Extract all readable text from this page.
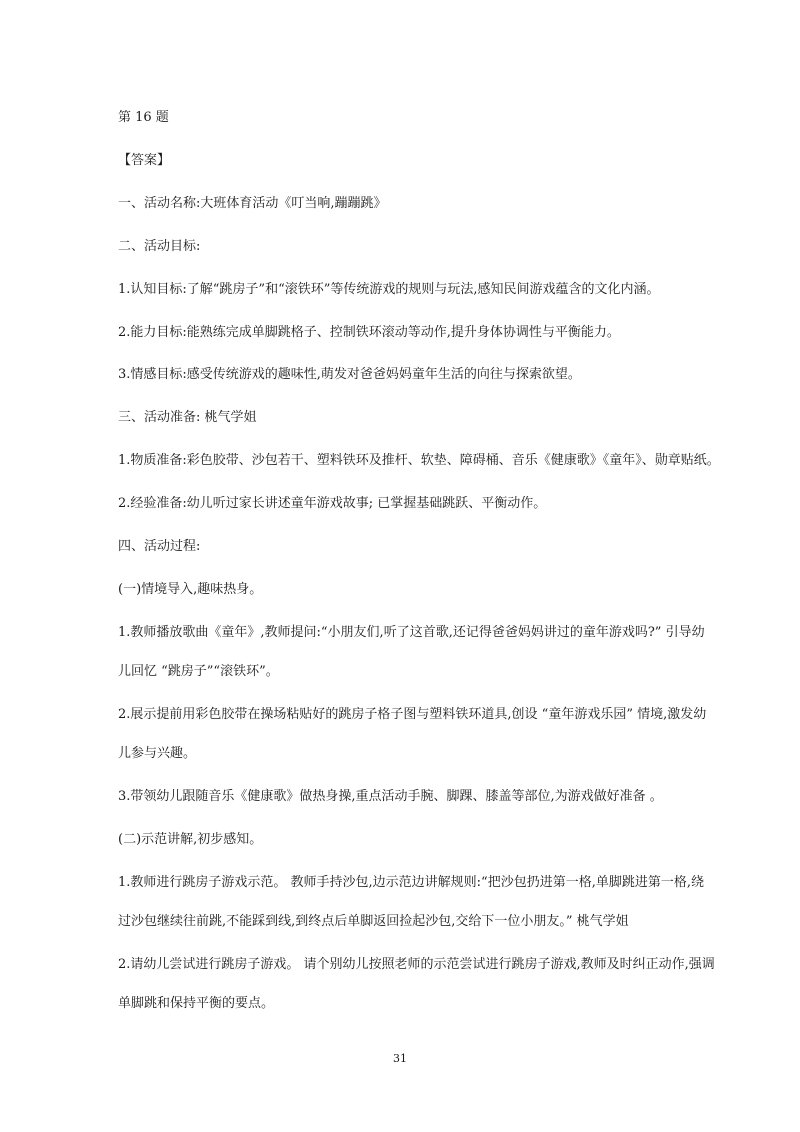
第 16 题
【答案】
一、活动名称:大班体育活动《叮当响,蹦蹦跳》
二、活动目标:
1.认知目标:了解“跳房子”和“滚铁环”等传统游戏的规则与玩法,感知民间游戏蕴含的文化内涵。
2.能力目标:能熟练完成单脚跳格子、控制铁环滚动等动作,提升身体协调性与平衡能力。
3.情感目标:感受传统游戏的趣味性,萌发对爸爸妈妈童年生活的向往与探索欲望。
三、活动准备: 桃气学姐
1.物质准备:彩色胶带、沙包若干、塑料铁环及推杆、软垫、障碍桶、音乐《健康歌》《童年》、勋章贴纸。
2.经验准备:幼儿听过家长讲述童年游戏故事; 已掌握基础跳跃、平衡动作。
四、活动过程:
(一)情境导入,趣味热身。
1.教师播放歌曲《童年》,教师提问:“小朋友们,听了这首歌,还记得爸爸妈妈讲过的童年游戏吗?” 引导幼
儿回忆 “跳房子”“滚铁环”。
2.展示提前用彩色胶带在操场粘贴好的跳房子格子图与塑料铁环道具,创设 “童年游戏乐园” 情境,激发幼
儿参与兴趣。
3.带领幼儿跟随音乐《健康歌》做热身操,重点活动手腕、脚踝、膝盖等部位,为游戏做好准备 。
(二)示范讲解,初步感知。
1.教师进行跳房子游戏示范。 教师手持沙包,边示范边讲解规则:“把沙包扔进第一格,单脚跳进第一格,绕
过沙包继续往前跳,不能踩到线,到终点后单脚返回捡起沙包,交给下一位小朋友。” 桃气学姐
2.请幼儿尝试进行跳房子游戏。 请个别幼儿按照老师的示范尝试进行跳房子游戏,教师及时纠正动作,强调
单脚跳和保持平衡的要点。
31
